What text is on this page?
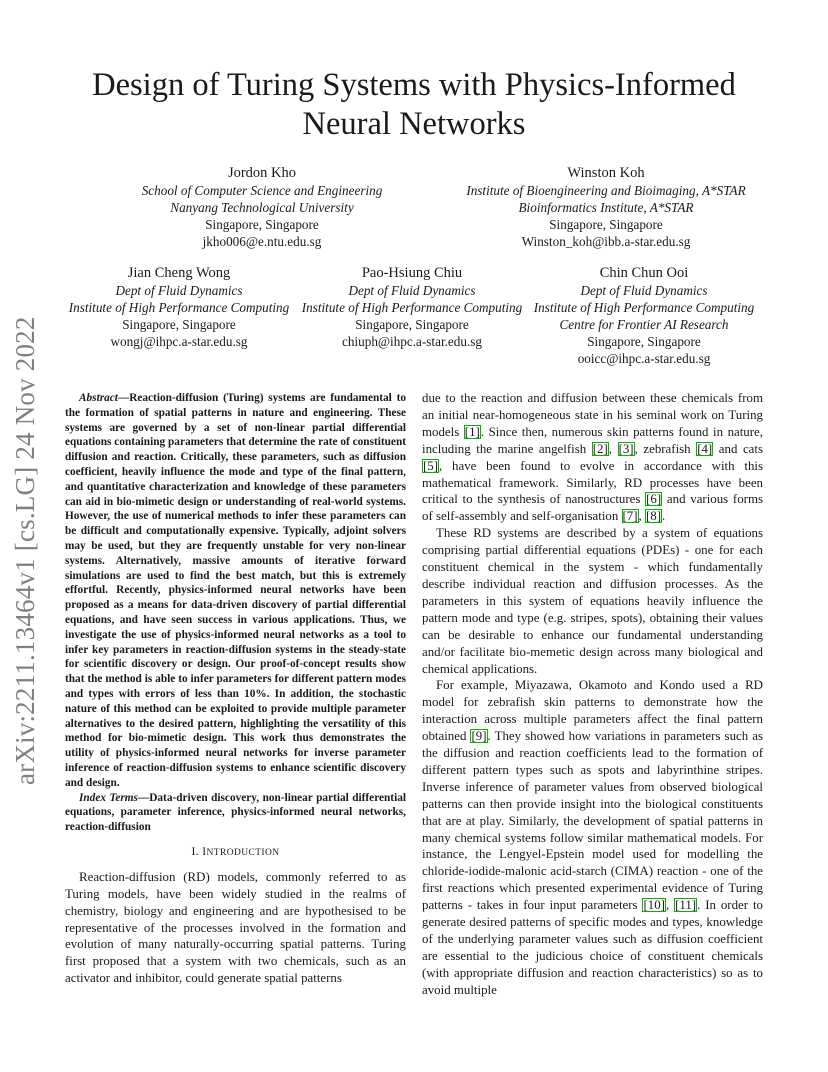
arXiv:2211.13464v1 [cs.LG] 24 Nov 2022
Design of Turing Systems with Physics-Informed Neural Networks
Jordon Kho
School of Computer Science and Engineering
Nanyang Technological University
Singapore, Singapore
jkho006@e.ntu.edu.sg
Winston Koh
Institute of Bioengineering and Bioimaging, A*STAR
Bioinformatics Institute, A*STAR
Singapore, Singapore
Winston_koh@ibb.a-star.edu.sg
Jian Cheng Wong
Dept of Fluid Dynamics
Institute of High Performance Computing
Singapore, Singapore
wongj@ihpc.a-star.edu.sg
Pao-Hsiung Chiu
Dept of Fluid Dynamics
Institute of High Performance Computing
Singapore, Singapore
chiuph@ihpc.a-star.edu.sg
Chin Chun Ooi
Dept of Fluid Dynamics
Institute of High Performance Computing
Centre for Frontier AI Research
Singapore, Singapore
ooicc@ihpc.a-star.edu.sg

Abstract—Reaction-diffusion (Turing) systems are fundamental to the formation of spatial patterns in nature and engineering. These systems are governed by a set of non-linear partial differential equations containing parameters that determine the rate of constituent diffusion and reaction. Critically, these parameters, such as diffusion coefficient, heavily influence the mode and type of the final pattern, and quantitative characterization and knowledge of these parameters can aid in bio-mimetic design or understanding of real-world systems. However, the use of numerical methods to infer these parameters can be difficult and computationally expensive. Typically, adjoint solvers may be used, but they are frequently unstable for very non-linear systems. Alternatively, massive amounts of iterative forward simulations are used to find the best match, but this is extremely effortful. Recently, physics-informed neural networks have been proposed as a means for data-driven discovery of partial differential equations, and have seen success in various applications. Thus, we investigate the use of physics-informed neural networks as a tool to infer key parameters in reaction-diffusion systems in the steady-state for scientific discovery or design. Our proof-of-concept results show that the method is able to infer parameters for different pattern modes and types with errors of less than 10%. In addition, the stochastic nature of this method can be exploited to provide multiple parameter alternatives to the desired pattern, highlighting the versatility of this method for bio-mimetic design. This work thus demonstrates the utility of physics-informed neural networks for inverse parameter inference of reaction-diffusion systems to enhance scientific discovery and design.

Index Terms—Data-driven discovery, non-linear partial differential equations, parameter inference, physics-informed neural networks, reaction-diffusion

I. INTRODUCTION

Reaction-diffusion (RD) models, commonly referred to as Turing models, have been widely studied in the realms of chemistry, biology and engineering and are hypothesised to be representative of the processes involved in the formation and evolution of many naturally-occurring spatial patterns. Turing first proposed that a system with two chemicals, such as an activator and inhibitor, could generate spatial patterns

due to the reaction and diffusion between these chemicals from an initial near-homogeneous state in his seminal work on Turing models [1]. Since then, numerous skin patterns found in nature, including the marine angelfish [2], [3], zebrafish [4] and cats [5], have been found to evolve in accordance with this mathematical framework. Similarly, RD processes have been critical to the synthesis of nanostructures [6] and various forms of self-assembly and self-organisation [7], [8].

These RD systems are described by a system of equations comprising partial differential equations (PDEs) - one for each constituent chemical in the system - which fundamentally describe individual reaction and diffusion processes. As the parameters in this system of equations heavily influence the pattern mode and type (e.g. stripes, spots), obtaining their values can be desirable to enhance our fundamental understanding and/or facilitate bio-memetic design across many biological and chemical applications.

For example, Miyazawa, Okamoto and Kondo used a RD model for zebrafish skin patterns to demonstrate how the interaction across multiple parameters affect the final pattern obtained [9]. They showed how variations in parameters such as the diffusion and reaction coefficients lead to the formation of different pattern types such as spots and labyrinthine stripes. Inverse inference of parameter values from observed biological patterns can then provide insight into the biological constituents that are at play. Similarly, the development of spatial patterns in many chemical systems follow similar mathematical models. For instance, the Lengyel-Epstein model used for modelling the chloride-iodide-malonic acid-starch (CIMA) reaction - one of the first reactions which presented experimental evidence of Turing patterns - takes in four input parameters [10], [11]. In order to generate desired patterns of specific modes and types, knowledge of the underlying parameter values such as diffusion coefficient are essential to the judicious choice of constituent chemicals (with appropriate diffusion and reaction characteristics) so as to avoid multiple
